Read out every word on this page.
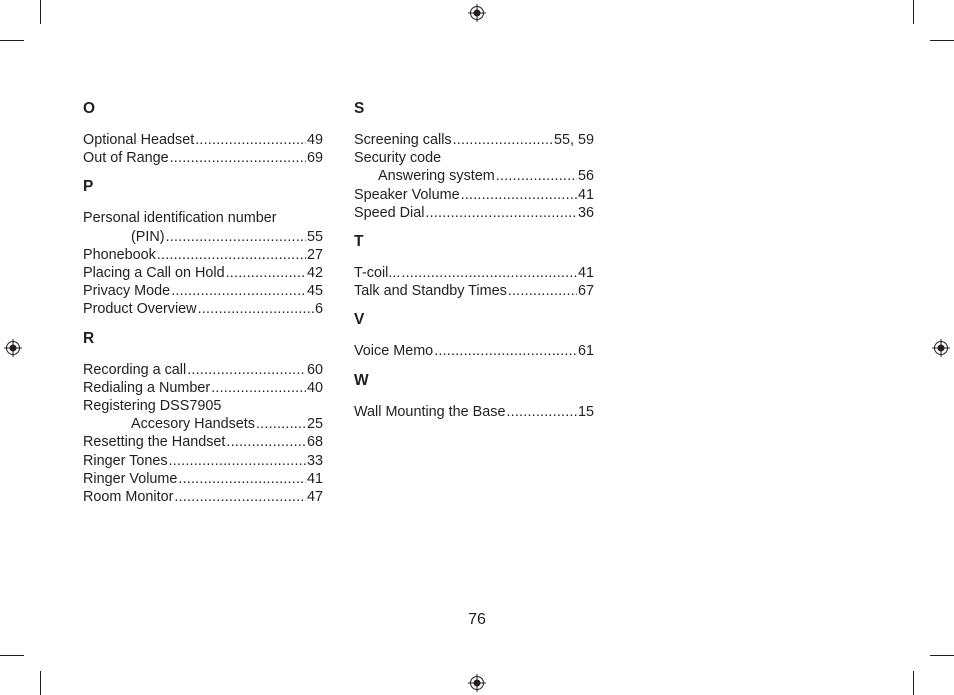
O
Optional Headset .....	49
Out of Range .....	69
P
Personal identification number
(PIN) .....	55
Phonebook .....	27
Placing a Call on Hold .....	42
Privacy Mode .....	45
Product Overview .....	6
R
Recording a call .....	60
Redialing a Number .....	40
Registering DSS7905
Accesory Handsets .....	25
Resetting the Handset .....	68
Ringer Tones .....	33
Ringer Volume .....	41
Room Monitor .....	47
S
Screening calls .....	55, 59
Security code
Answering system .....	56
Speaker Volume .....	41
Speed Dial .....	36
T
T-coil... .....	41
Talk and Standby Times .....	67
V
Voice Memo .....	61
W
Wall Mounting the Base .....	15
76
